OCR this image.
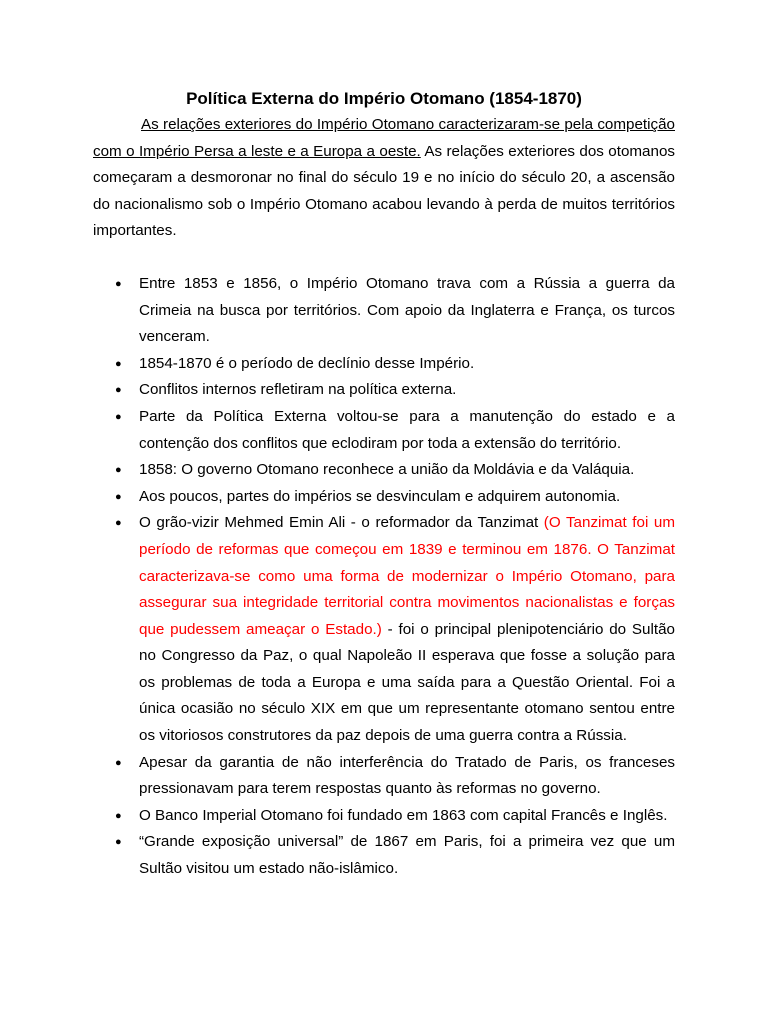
Política Externa do Império Otomano (1854-1870)

As relações exteriores do Império Otomano caracterizaram-se pela competição com o Império Persa a leste e a Europa a oeste. As relações exteriores dos otomanos começaram a desmoronar no final do século 19 e no início do século 20, a ascensão do nacionalismo sob o Império Otomano acabou levando à perda de muitos territórios importantes.

● Entre 1853 e 1856, o Império Otomano trava com a Rússia a guerra da Crimeia na busca por territórios. Com apoio da Inglaterra e França, os turcos venceram.
● 1854-1870 é o período de declínio desse Império.
● Conflitos internos refletiram na política externa.
● Parte da Política Externa voltou-se para a manutenção do estado e a contenção dos conflitos que eclodiram por toda a extensão do território.
● 1858: O governo Otomano reconhece a união da Moldávia e da Valáquia.
● Aos poucos, partes do impérios se desvinculam e adquirem autonomia.
● O grão-vizir Mehmed Emin Ali - o reformador da Tanzimat (O Tanzimat foi um período de reformas que começou em 1839 e terminou em 1876. O Tanzimat caracterizava-se como uma forma de modernizar o Império Otomano, para assegurar sua integridade territorial contra movimentos nacionalistas e forças que pudessem ameaçar o Estado.) - foi o principal plenipotenciário do Sultão no Congresso da Paz, o qual Napoleão II esperava que fosse a solução para os problemas de toda a Europa e uma saída para a Questão Oriental. Foi a única ocasião no século XIX em que um representante otomano sentou entre os vitoriosos construtores da paz depois de uma guerra contra a Rússia.
● Apesar da garantia de não interferência do Tratado de Paris, os franceses pressionavam para terem respostas quanto às reformas no governo.
● O Banco Imperial Otomano foi fundado em 1863 com capital Francês e Inglês.
● “Grande exposição universal” de 1867 em Paris, foi a primeira vez que um Sultão visitou um estado não-islâmico.
